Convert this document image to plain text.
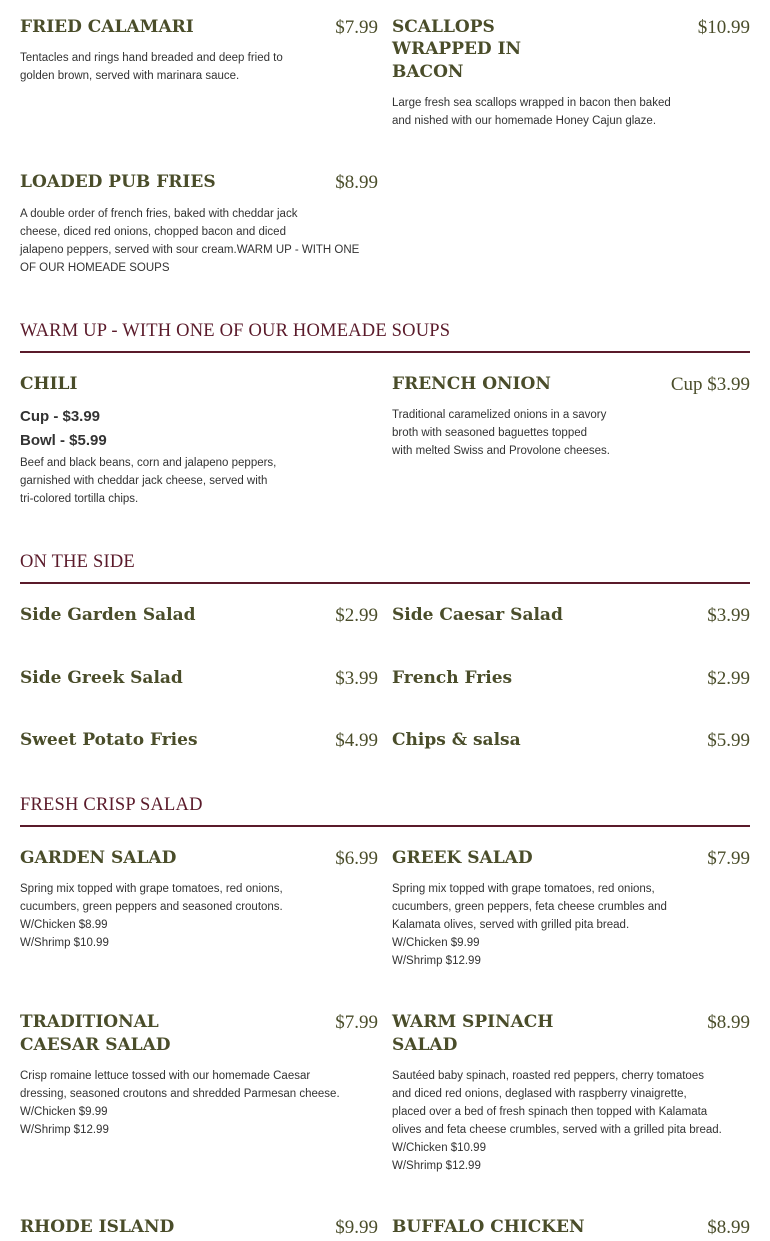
FRIED CALAMARI	$7.99
Tentacles and rings hand breaded and deep fried to
golden brown, served with marinara sauce.
SCALLOPS
WRAPPED IN
BACON
$10.99
Large fresh sea scallops wrapped in bacon then baked
and nished with our homemade Honey Cajun glaze.
LOADED PUB FRIES	$8.99
A double order of french fries, baked with cheddar jack
cheese, diced red onions, chopped bacon and diced
jalapeno peppers, served with sour cream.WARM UP - WITH ONE
OF OUR HOMEADE SOUPS
WARM UP - WITH ONE OF OUR HOMEADE SOUPS
CHILI
Cup - $3.99
Bowl - $5.99
Beef and black beans, corn and jalapeno peppers,
garnished with cheddar jack cheese, served with
tri-colored tortilla chips.
FRENCH ONION	Cup $3.99
Traditional caramelized onions in a savory
broth with seasoned baguettes topped
with melted Swiss and Provolone cheeses.
ON THE SIDE
Side Garden Salad	$2.99 Side Caesar Salad	$3.99
Side Greek Salad	$3.99 French Fries	$2.99
Sweet Potato Fries	$4.99 Chips & salsa	$5.99
FRESH CRISP SALAD
GARDEN SALAD	$6.99
Spring mix topped with grape tomatoes, red onions,
cucumbers, green peppers and seasoned croutons.
W/Chicken $8.99
W/Shrimp $10.99
GREEK SALAD	$7.99
Spring mix topped with grape tomatoes, red onions,
cucumbers, green peppers, feta cheese crumbles and
Kalamata olives, served with grilled pita bread.
W/Chicken $9.99
W/Shrimp $12.99
TRADITIONAL
CAESAR SALAD
$7.99
Crisp romaine lettuce tossed with our homemade Caesar
dressing, seasoned croutons and shredded Parmesan cheese.
W/Chicken $9.99
W/Shrimp $12.99
WARM SPINACH
SALAD
$8.99
Sautéed baby spinach, roasted red peppers, cherry tomatoes
and diced red onions, deglased with raspberry vinaigrette,
placed over a bed of fresh spinach then topped with Kalamata
olives and feta cheese crumbles, served with a grilled pita bread.
W/Chicken $10.99
W/Shrimp $12.99
RHODE ISLAND	$9.99 BUFFALO CHICKEN	$8.99
